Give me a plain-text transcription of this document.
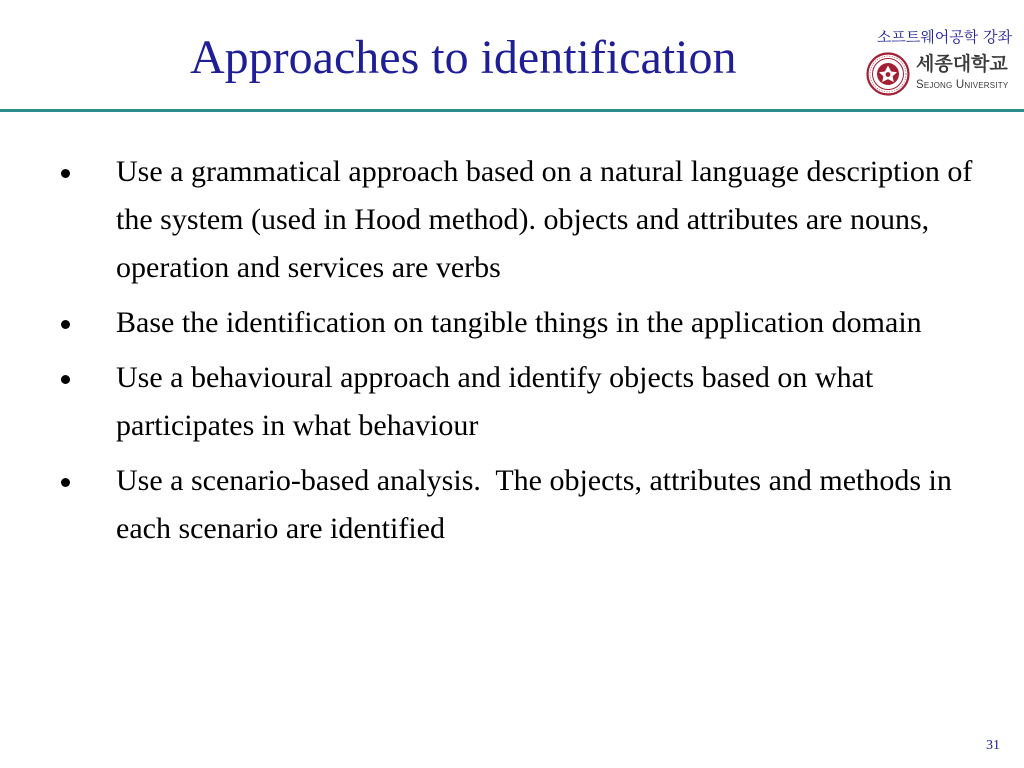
Approaches to identification	소프트웨어공학 강좌
세종대학교
Sejong University
Use a grammatical approach based on a natural language description of the system (used in Hood method). objects and attributes are nouns, operation and services are verbs
Base the identification on tangible things in the application domain
Use a behavioural approach and identify objects based on what participates in what behaviour
Use a scenario-based analysis.  The objects, attributes and methods in each scenario are identified
31
